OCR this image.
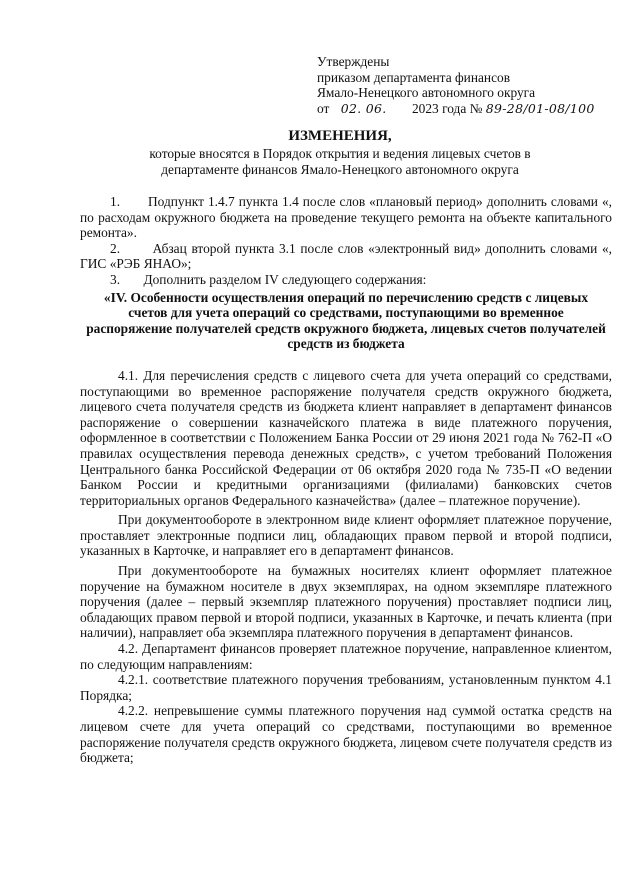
Утверждены
приказом департамента финансов
Ямало-Ненецкого автономного округа
от 02. 06. 2023 года № 89-28/01-08/100
ИЗМЕНЕНИЯ,
которые вносятся в Порядок открытия и ведения лицевых счетов в
департаменте финансов Ямало-Ненецкого автономного округа

1.       Подпункт 1.4.7 пункта 1.4 после слов «плановый период» дополнить словами «, по расходам окружного бюджета на проведение текущего ремонта на объекте капитального ремонта».

2.       Абзац второй пункта 3.1 после слов «электронный вид» дополнить словами «, ГИС «РЭБ ЯНАО»;

3.       Дополнить разделом IV следующего содержания:

«IV. Особенности осуществления операций по перечислению средств с лицевых счетов для учета операций со средствами, поступающими во временное распоряжение получателей средств окружного бюджета, лицевых счетов получателей средств из бюджета

4.1. Для перечисления средств с лицевого счета для учета операций со средствами, поступающими во временное распоряжение получателя средств окружного бюджета, лицевого счета получателя средств из бюджета клиент направляет в департамент финансов распоряжение о совершении казначейского платежа в виде платежного поручения, оформленное в соответствии с Положением Банка России от 29 июня 2021 года № 762-П «О правилах осуществления перевода денежных средств», с учетом требований Положения Центрального банка Российской Федерации от 06 октября 2020 года № 735-П «О ведении Банком России и кредитными организациями (филиалами) банковских счетов территориальных органов Федерального казначейства» (далее – платежное поручение).

При документообороте в электронном виде клиент оформляет платежное поручение, проставляет электронные подписи лиц, обладающих правом первой и второй подписи, указанных в Карточке, и направляет его в департамент финансов.

При документообороте на бумажных носителях клиент оформляет платежное поручение на бумажном носителе в двух экземплярах, на одном экземпляре платежного поручения (далее – первый экземпляр платежного поручения) проставляет подписи лиц, обладающих правом первой и второй подписи, указанных в Карточке, и печать клиента (при наличии), направляет оба экземпляра платежного поручения в департамент финансов.

4.2. Департамент финансов проверяет платежное поручение, направленное клиентом, по следующим направлениям:

4.2.1. соответствие платежного поручения требованиям, установленным пунктом 4.1 Порядка;

4.2.2. непревышение суммы платежного поручения над суммой остатка средств на лицевом счете для учета операций со средствами, поступающими во временное распоряжение получателя средств окружного бюджета, лицевом счете получателя средств из бюджета;
